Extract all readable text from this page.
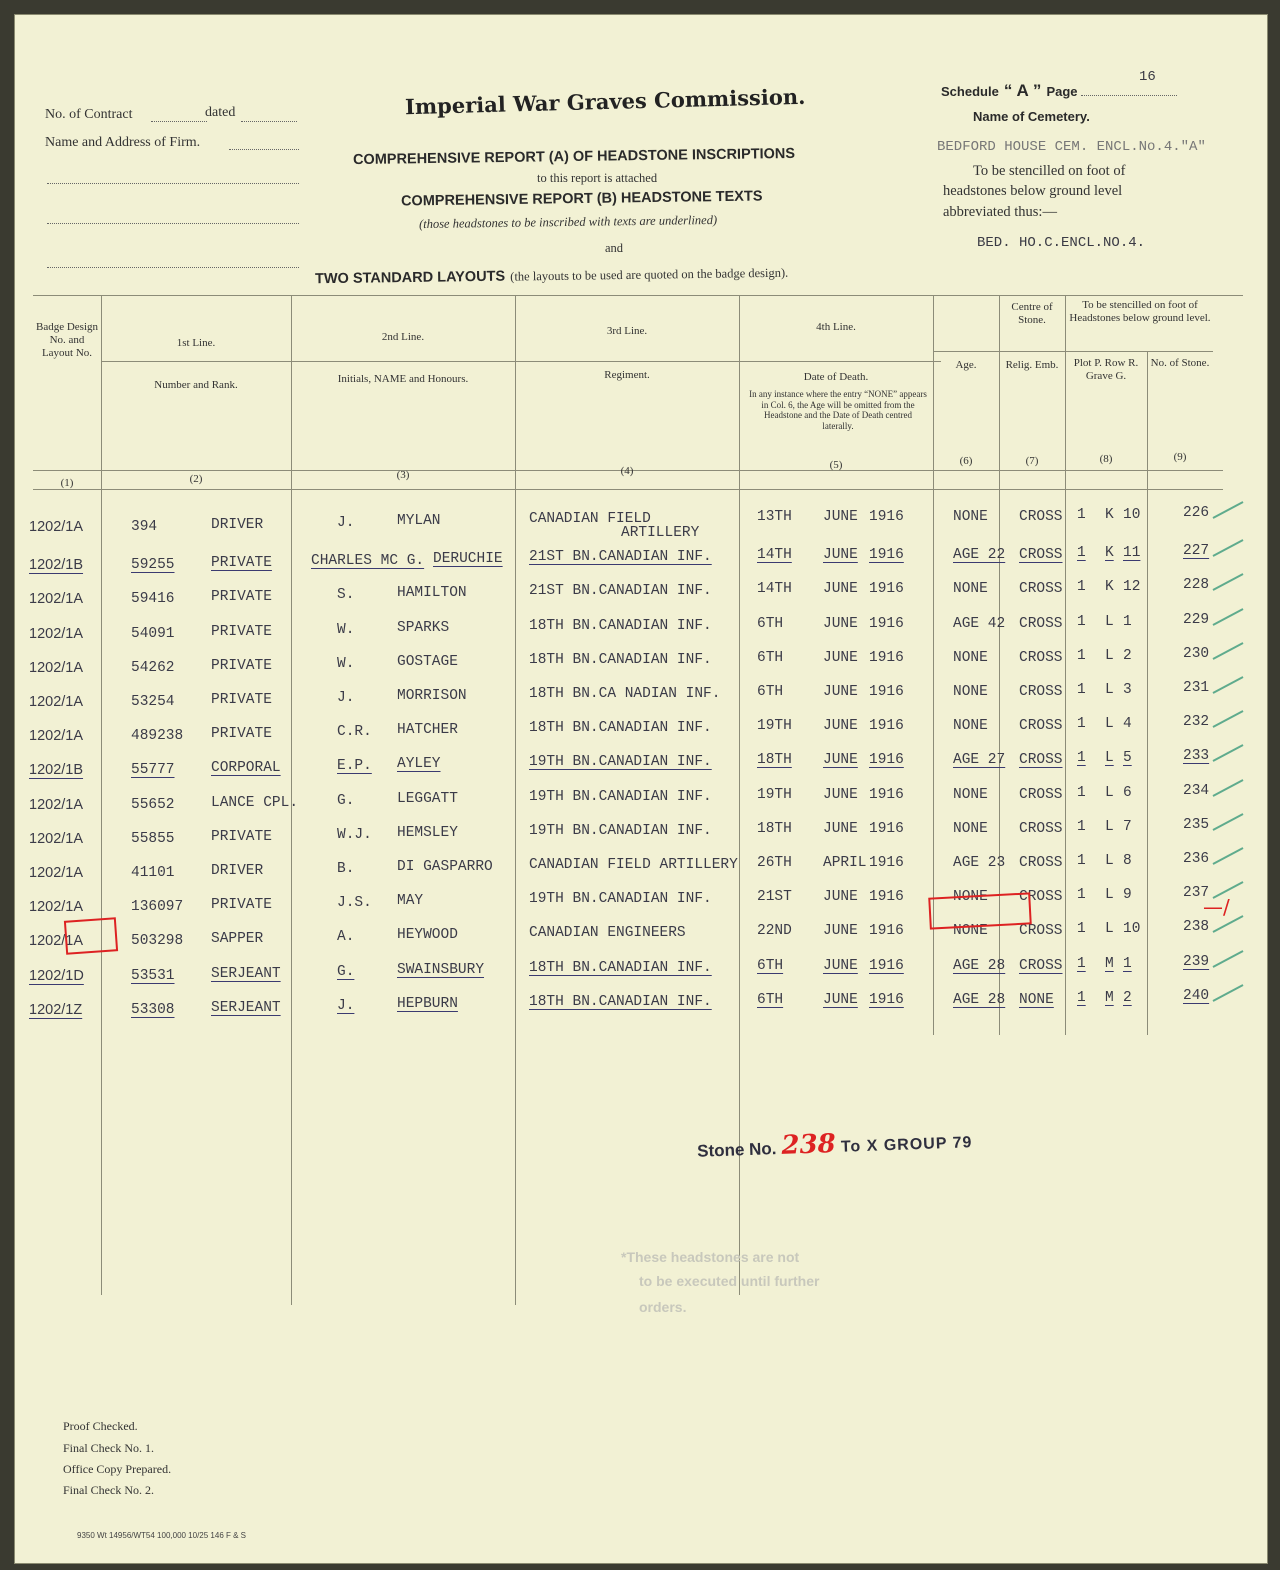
No. of Contract	dated
Name and Address of Firm.
Imperial War Graves Commission.
COMPREHENSIVE REPORT (A) OF HEADSTONE INSCRIPTIONS
to this report is attached
COMPREHENSIVE REPORT (B) HEADSTONE TEXTS
(those headstones to be inscribed with texts are underlined)
and
TWO STANDARD LAYOUTS (the layouts to be used are quoted on the badge design).
Schedule “ A ” Page
16
Name of Cemetery.
BEDFORD HOUSE CEM. ENCL.No.4."A"
To be stencilled on foot of
headstones below ground level
abbreviated thus:—
BED. HO.C.ENCL.NO.4.
Badge Design No. and Layout No.
1st Line.
Number and Rank.
2nd Line.
Initials, NAME and Honours.
3rd Line.
Regiment.
4th Line.
Date of Death.
In any instance where the entry “NONE” appears in Col. 6, the Age will be omitted from the Headstone and the Date of Death centred laterally.
Age.
Centre of Stone.
Relig. Emb.
To be stencilled on foot of Headstones below ground level.
Plot P. Row R. Grave G.
No. of Stone.
(1)	(2)	(3)	(4)	(5)	(6)	(7)	(8)	(9)
1202/1A	394	DRIVER	J.	MYLAN	CANADIAN FIELD
ARTILLERY
13TH JUNE 1916	NONE CROSS 1 K 10	226
1202/1B	59255	PRIVATE	CHARLES MC G. DERUCHIE 21ST BN.CANADIAN INF.	14TH JUNE 1916	AGE 22 CROSS 1 K 11	227
1202/1A	59416	PRIVATE	S.	HAMILTON	21ST BN.CANADIAN INF.	14TH JUNE 1916	NONE CROSS 1 K 12	228
1202/1A	54091	PRIVATE	W.	SPARKS	18TH BN.CANADIAN INF.	6TH	JUNE 1916	AGE 42 CROSS 1 L 1	229
1202/1A	54262	PRIVATE	W.	GOSTAGE	18TH BN.CANADIAN INF.	6TH	JUNE 1916	NONE CROSS 1 L 2	230
1202/1A	53254	PRIVATE	J.	MORRISON	18TH BN.CA NADIAN INF.	6TH	JUNE 1916	NONE CROSS 1 L 3	231
1202/1A	489238 PRIVATE	C.R. HATCHER	18TH BN.CANADIAN INF.	19TH JUNE 1916	NONE CROSS 1 L 4	232
1202/1B	55777	CORPORAL	E.P. AYLEY	19TH BN.CANADIAN INF.	18TH JUNE 1916	AGE 27 CROSS 1 L 5	233
1202/1A	55652	LANCE CPL.	G.	LEGGATT	19TH BN.CANADIAN INF.	19TH JUNE 1916	NONE CROSS 1 L 6	234
1202/1A	55855	PRIVATE	W.J. HEMSLEY	19TH BN.CANADIAN INF.	18TH JUNE 1916	NONE CROSS 1 L 7	235
1202/1A	41101	DRIVER	B.	DI GASPARRO	CANADIAN FIELD ARTILLERY 26TH APRIL 1916	AGE 23 CROSS 1 L 8	236
1202/1A	136097 PRIVATE	J.S. MAY	19TH BN.CANADIAN INF.	21ST JUNE 1916	NONE CROSS 1 L 9	237
1202/1A	503298 SAPPER	A.	HEYWOOD	CANADIAN ENGINEERS	22ND JUNE 1916	NONE CROSS 1 L 10	238
1202/1D	53531	SERJEANT	G.	SWAINSBURY	18TH BN.CANADIAN INF.	6TH	JUNE 1916	AGE 28 CROSS 1 M 1	239
1202/1Z	53308	SERJEANT	J.	HEPBURN	18TH BN.CANADIAN INF.	6TH	JUNE 1916	AGE 28 NONE 1 M 2	240
—/
Stone No. 238 To X GROUP 79
*These headstones are not
to be executed until further
orders.
Proof Checked.
Final Check No. 1.
Office Copy Prepared.
Final Check No. 2.
9350 Wt 14956/WT54 100,000 10/25 146 F & S
